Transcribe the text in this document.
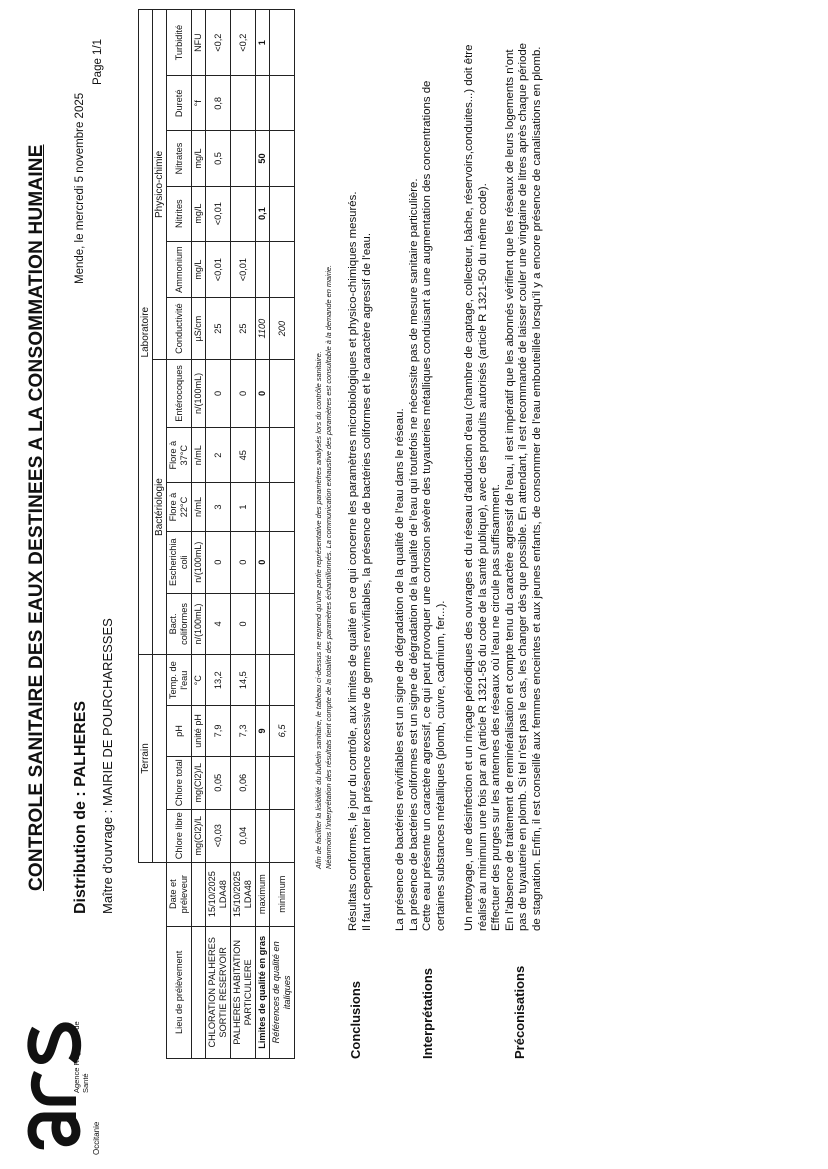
Agence Régionale de Santé
Occitanie
CONTROLE SANITAIRE DES EAUX DESTINEES A LA CONSOMMATION HUMAINE Mende, le mercredi 5 novembre 2025
Page 1/1
Distribution de : PALHERES Maître d'ouvrage : MAIRIE DE POURCHARESSES
			Terrain				Laboratoire										
						Bactériologie					Physico-chimie					
Lieu de prélèvement	Date et préleveur	Chlore libre	Chlore total	pH	Temp. de l'eau	Bact. coliformes	Escherichia coli	Flore à 22°C	Flore à 37°C	Entérocoques	Conductivité	Ammonium	Nitrites	Nitrates	Dureté	Turbidité
		mg(Cl2)/L	mg(Cl2)/L	unité pH	°C	n/(100mL)	n/(100mL)	n/mL	n/mL	n/(100mL)	µS/cm	mg/L	mg/L	mg/L	°f	NFU
CHLORATION PALHERES SORTIE RESERVOIR	15/10/2025 LDA48	<0,03	0,05	7,9	13,2	4	0	3	2	0	25	<0,01	<0,01	0,5	0,8	<0,2
PALHERES HABITATION PARTICULIERE	15/10/2025 LDA48	0,04	0,06	7,3	14,5	0	0	1	45	0	25	<0,01				<0,2
Limites de qualité en gras	maximum			9			0			0	1100		0,1	50		1
Références de qualité en italiques	minimum			6,5							200					
Afin de faciliter la lisibilité du bulletin sanitaire, le tableau ci-dessus ne reprend qu'une partie représentative des paramètres analysés lors du contrôle sanitaire. Néanmoins l'interprétation des résultats tient compte de la totalité des paramètres échantillonnés. La communication exhaustive des paramètres est consultable à la demande en mairie.
Conclusions
Résultats conformes, le jour du contrôle, aux limites de qualité en ce qui concerne les paramètres microbiologiques et physico-chimiques mesurés. Il faut cependant noter la présence excessive de germes revivifiables, la présence de bactéries coliformes et le caractère agressif de l'eau.
Interprétations
La présence de bactéries revivifiables est un signe de dégradation de la qualité de l'eau dans le réseau. La présence de bactéries coliformes est un signe de dégradation de la qualité de l'eau qui toutefois ne nécessite pas de mesure sanitaire particulière. Cette eau présente un caractère agressif, ce qui peut provoquer une corrosion sévère des tuyauteries métalliques conduisant à une augmentation des concentrations de certaines substances métalliques (plomb, cuivre, cadmium, fer...).
Préconisations
Un nettoyage, une désinfection et un rinçage périodiques des ouvrages et du réseau d'adduction d'eau (chambre de captage, collecteur, bâche, réservoirs,conduites...) doit être réalisé au minimum une fois par an (article R 1321-56 du code de la santé publique), avec des produits autorisés (article R 1321-50 du même code). Effectuer des purges sur les antennes des réseaux où l'eau ne circule pas suffisamment. En l'absence de traitement de reminéralisation et compte tenu du caractère agressif de l'eau, il est impératif que les abonnés vérifient que les réseaux de leurs logements n'ont pas de tuyauterie en plomb. Si tel n'est pas le cas, les changer dès que possible. En attendant, il est recommandé de laisser couler une vingtaine de litres après chaque période de stagnation. Enfin, il est conseillé aux femmes enceintes et aux jeunes enfants, de consommer de l'eau embouteillée lorsqu'il y a encore présence de canalisations en plomb.
